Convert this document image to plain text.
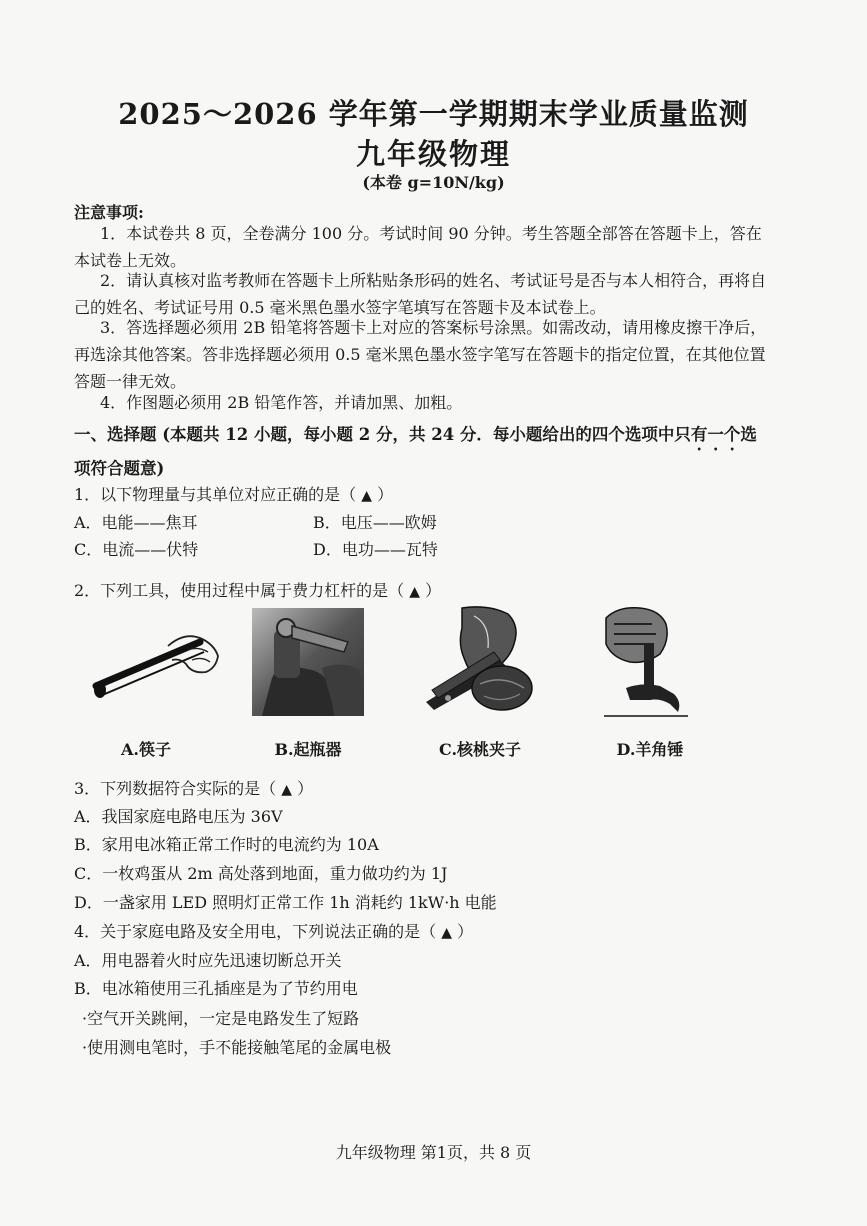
2025～2026 学年第一学期期末学业质量监测
九年级物理
(本卷 g=10N/kg)
注意事项:
1．本试卷共 8 页，全卷满分 100 分。考试时间 90 分钟。考生答题全部答在答题卡上，答在本试卷上无效。
2．请认真核对监考教师在答题卡上所粘贴条形码的姓名、考试证号是否与本人相符合，再将自己的姓名、考试证号用 0.5 毫米黑色墨水签字笔填写在答题卡及本试卷上。
3．答选择题必须用 2B 铅笔将答题卡上对应的答案标号涂黑。如需改动，请用橡皮擦干净后，再选涂其他答案。答非选择题必须用 0.5 毫米黑色墨水签字笔写在答题卡的指定位置，在其他位置答题一律无效。
4．作图题必须用 2B 铅笔作答，并请加黑、加粗。
一、选择题 (本题共 12 小题，每小题 2 分，共 24 分．每小题给出的四个选项中只有一个选
项符合题意)
1．以下物理量与其单位对应正确的是（ ▲ ）
A．电能——焦耳	B．电压——欧姆
C．电流——伏特	D．电功——瓦特
2．下列工具，使用过程中属于费力杠杆的是（ ▲ ）
A.筷子	B.起瓶器	C.核桃夹子	D.羊角锤
3．下列数据符合实际的是（ ▲ ）
A．我国家庭电路电压为 36V
B．家用电冰箱正常工作时的电流约为 10A
C．一枚鸡蛋从 2m 高处落到地面，重力做功约为 1J
D．一盏家用 LED 照明灯正常工作 1h 消耗约 1kW·h 电能
4．关于家庭电路及安全用电，下列说法正确的是（ ▲ ）
A．用电器着火时应先迅速切断总开关
B．电冰箱使用三孔插座是为了节约用电
·空气开关跳闸，一定是电路发生了短路
·使用测电笔时，手不能接触笔尾的金属电极
九年级物理 第1页，共 8 页
